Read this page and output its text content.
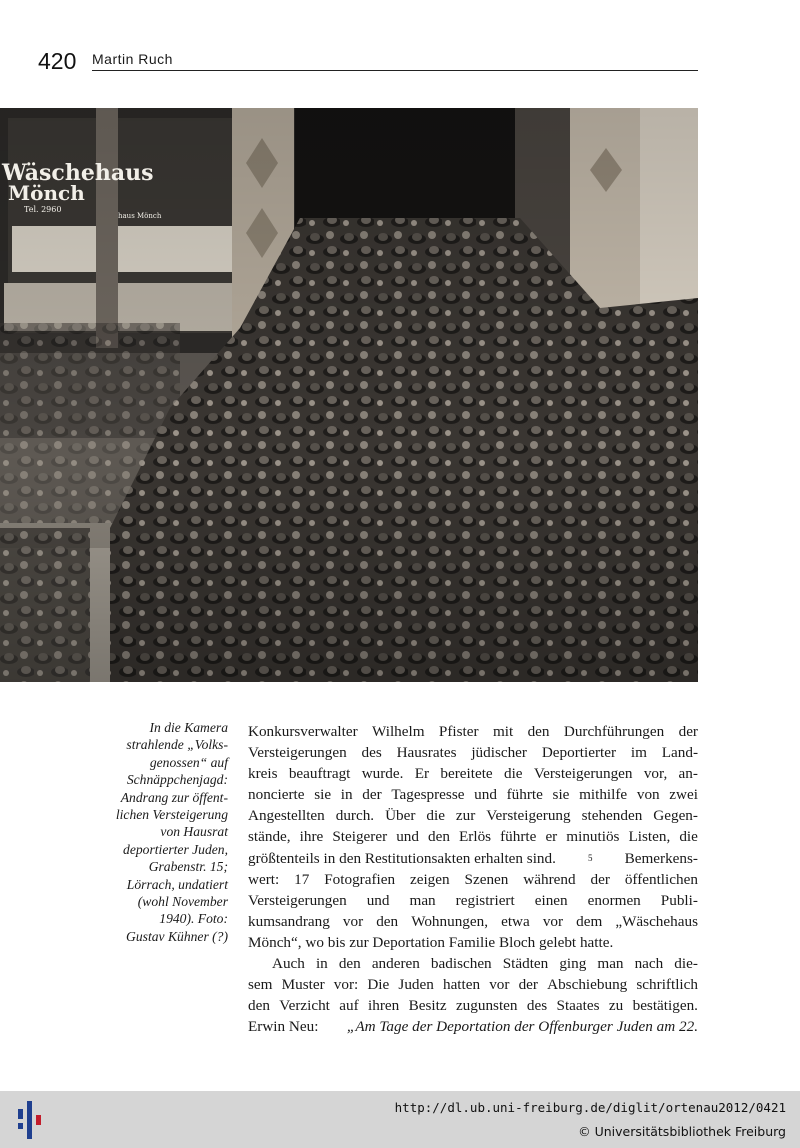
420 Martin Ruch
Wäschehaus
Mönch
Tel. 2960
haus Mönch
In die Kamera
strahlende „Volks-
genossen“ auf
Schnäppchenjagd:
Andrang zur öffent-
lichen Versteigerung
von Hausrat
deportierter Juden,
Grabenstr. 15;
Lörrach, undatiert
(wohl November
1940). Foto:
Gustav Kühner (?)
Konkursverwalter Wilhelm Pfister mit den Durchführungen der
Versteigerungen des Hausrates jüdischer Deportierter im Land-
kreis beauftragt wurde. Er bereitete die Versteigerungen vor, an-
noncierte sie in der Tagespresse und führte sie mithilfe von zwei
Angestellten durch. Über die zur Versteigerung stehenden Gegen-
stände, ihre Steigerer und den Erlös führte er minutiös Listen, die
größtenteils in den Restitutionsakten erhalten sind.	5 Bemerkens-
wert: 17 Fotografien zeigen Szenen während der öffentlichen
Versteigerungen und man registriert einen enormen Publi-
kumsandrang vor den Wohnungen, etwa vor dem „Wäschehaus
Mönch“, wo bis zur Deportation Familie Bloch gelebt hatte.
Auch in den anderen badischen Städten ging man nach die-
sem Muster vor: Die Juden hatten vor der Abschiebung schriftlich
den Verzicht auf ihren Besitz zugunsten des Staates zu bestätigen.
Erwin Neu: „Am Tage der Deportation der Offenburger Juden am 22.
http://dl.ub.uni-freiburg.de/diglit/ortenau2012/0421
© Universitätsbibliothek Freiburg
